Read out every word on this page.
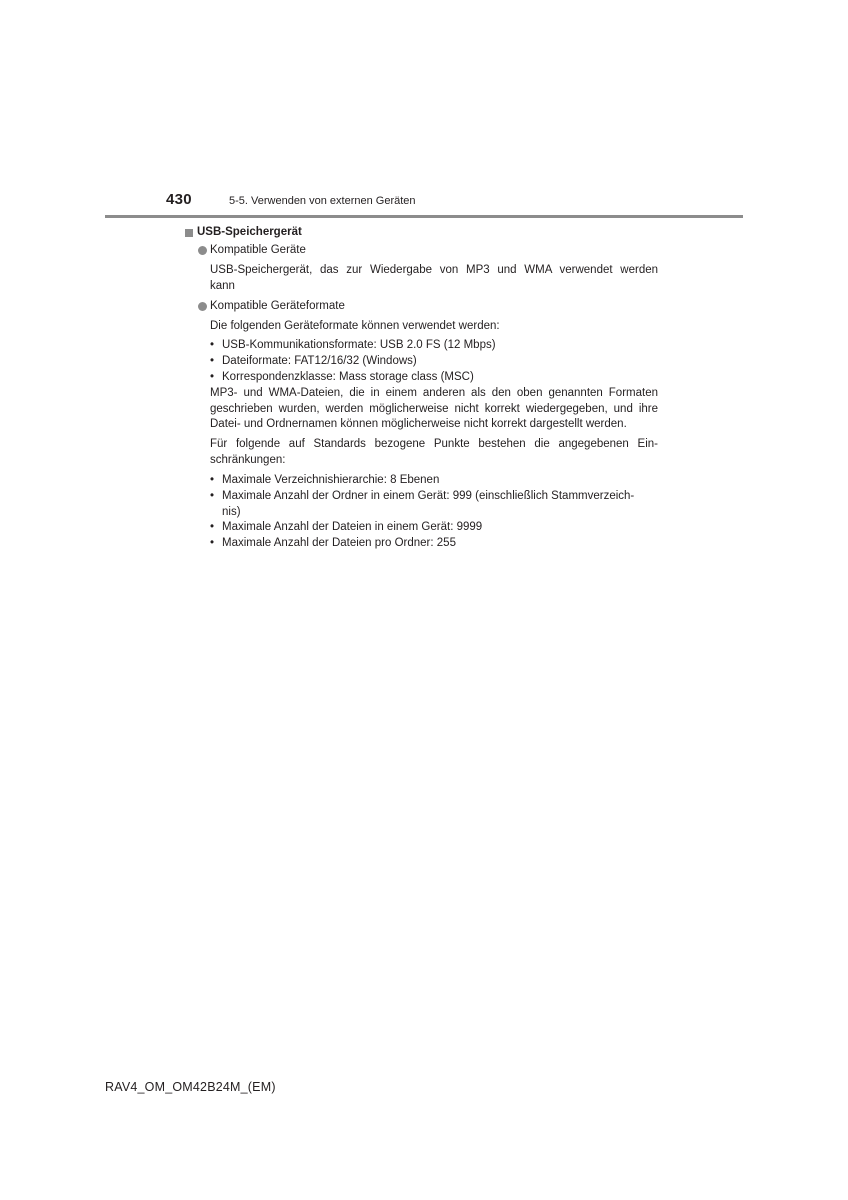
430	5-5. Verwenden von externen Geräten
USB-Speichergerät
Kompatible Geräte
USB-Speichergerät, das zur Wiedergabe von MP3 und WMA verwendet werden
kann
Kompatible Geräteformate
Die folgenden Geräteformate können verwendet werden:
• USB-Kommunikationsformate: USB 2.0 FS (12 Mbps)
• Dateiformate: FAT12/16/32 (Windows)
• Korrespondenzklasse: Mass storage class (MSC)
MP3- und WMA-Dateien, die in einem anderen als den oben genannten Formaten
geschrieben wurden, werden möglicherweise nicht korrekt wiedergegeben, und ihre
Datei- und Ordnernamen können möglicherweise nicht korrekt dargestellt werden.
Für folgende auf Standards bezogene Punkte bestehen die angegebenen Ein-
schränkungen:
• Maximale Verzeichnishierarchie: 8 Ebenen
• Maximale Anzahl der Ordner in einem Gerät: 999 (einschließlich Stammverzeich-
nis)
• Maximale Anzahl der Dateien in einem Gerät: 9999
• Maximale Anzahl der Dateien pro Ordner: 255
RAV4_OM_OM42B24M_(EM)
